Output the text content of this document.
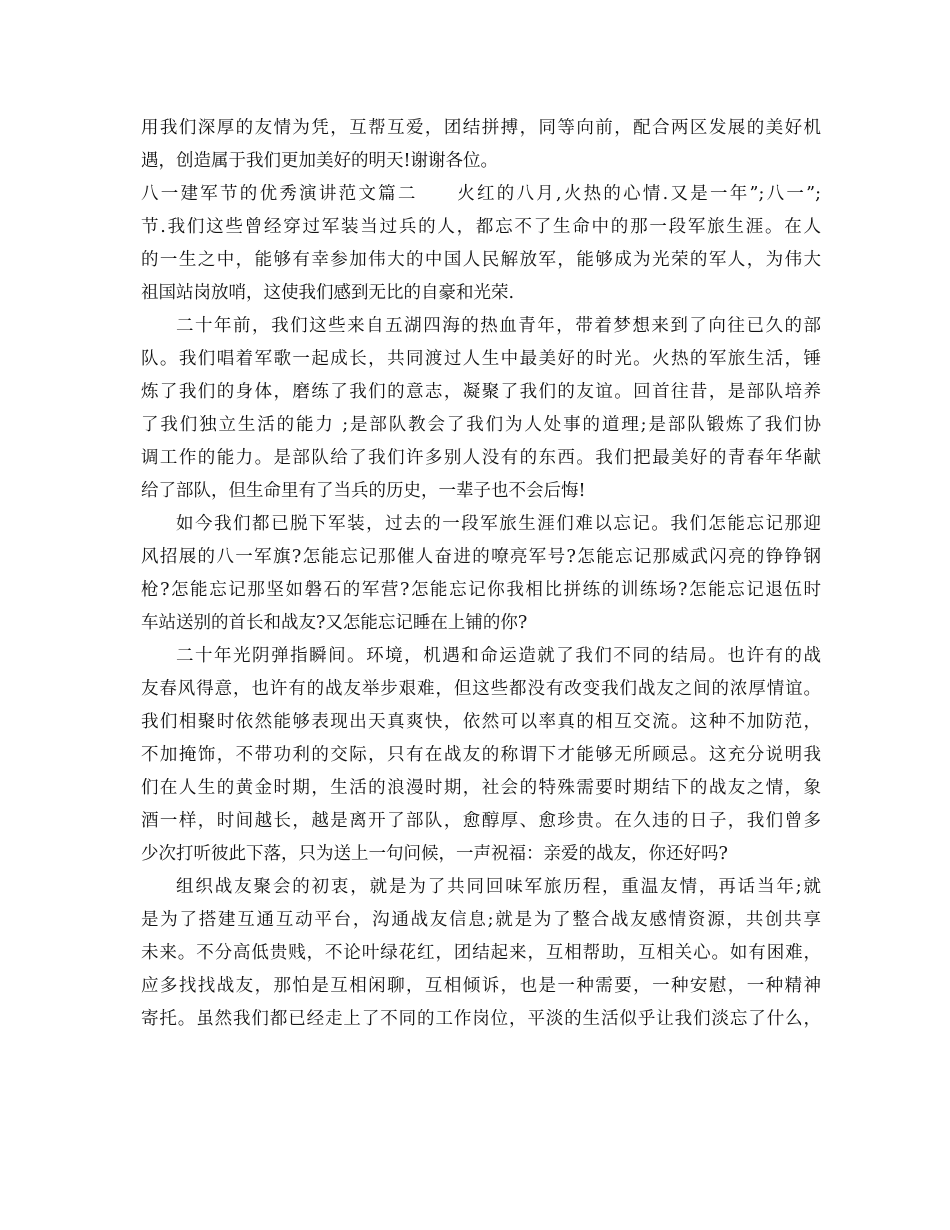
用我们深厚的友情为凭，互帮互爱，团结拼搏，同等向前，配合两区发展的美好机
遇，创造属于我们更加美好的明天!谢谢各位。
八一建军节的优秀演讲范文篇二　　火红的八月,火热的心情.又是一年”;八一”;
节.我们这些曾经穿过军装当过兵的人，都忘不了生命中的那一段军旅生涯。在人
的一生之中，能够有幸参加伟大的中国人民解放军，能够成为光荣的军人，为伟大
祖国站岗放哨，这使我们感到无比的自豪和光荣.
二十年前，我们这些来自五湖四海的热血青年，带着梦想来到了向往已久的部
队。我们唱着军歌一起成长，共同渡过人生中最美好的时光。火热的军旅生活，锤
炼了我们的身体，磨练了我们的意志，凝聚了我们的友谊。回首往昔，是部队培养
了我们独立生活的能力 ;是部队教会了我们为人处事的道理;是部队锻炼了我们协
调工作的能力。是部队给了我们许多别人没有的东西。我们把最美好的青春年华献
给了部队，但生命里有了当兵的历史，一辈子也不会后悔!
如今我们都已脱下军装，过去的一段军旅生涯们难以忘记。我们怎能忘记那迎
风招展的八一军旗?怎能忘记那催人奋进的嘹亮军号?怎能忘记那威武闪亮的铮铮钢
枪?怎能忘记那坚如磐石的军营?怎能忘记你我相比拼练的训练场?怎能忘记退伍时
车站送别的首长和战友?又怎能忘记睡在上铺的你?
二十年光阴弹指瞬间。环境，机遇和命运造就了我们不同的结局。也许有的战
友春风得意，也许有的战友举步艰难，但这些都没有改变我们战友之间的浓厚情谊。
我们相聚时依然能够表现出天真爽快，依然可以率真的相互交流。这种不加防范，
不加掩饰，不带功利的交际，只有在战友的称谓下才能够无所顾忌。这充分说明我
们在人生的黄金时期，生活的浪漫时期，社会的特殊需要时期结下的战友之情，象
酒一样，时间越长，越是离开了部队，愈醇厚、愈珍贵。在久违的日子，我们曾多
少次打听彼此下落，只为送上一句问候，一声祝福：亲爱的战友，你还好吗?
组织战友聚会的初衷，就是为了共同回味军旅历程，重温友情，再话当年;就
是为了搭建互通互动平台，沟通战友信息;就是为了整合战友感情资源，共创共享
未来。不分高低贵贱，不论叶绿花红，团结起来，互相帮助，互相关心。如有困难，
应多找找战友，那怕是互相闲聊，互相倾诉，也是一种需要，一种安慰，一种精神
寄托。虽然我们都已经走上了不同的工作岗位，平淡的生活似乎让我们淡忘了什么，
